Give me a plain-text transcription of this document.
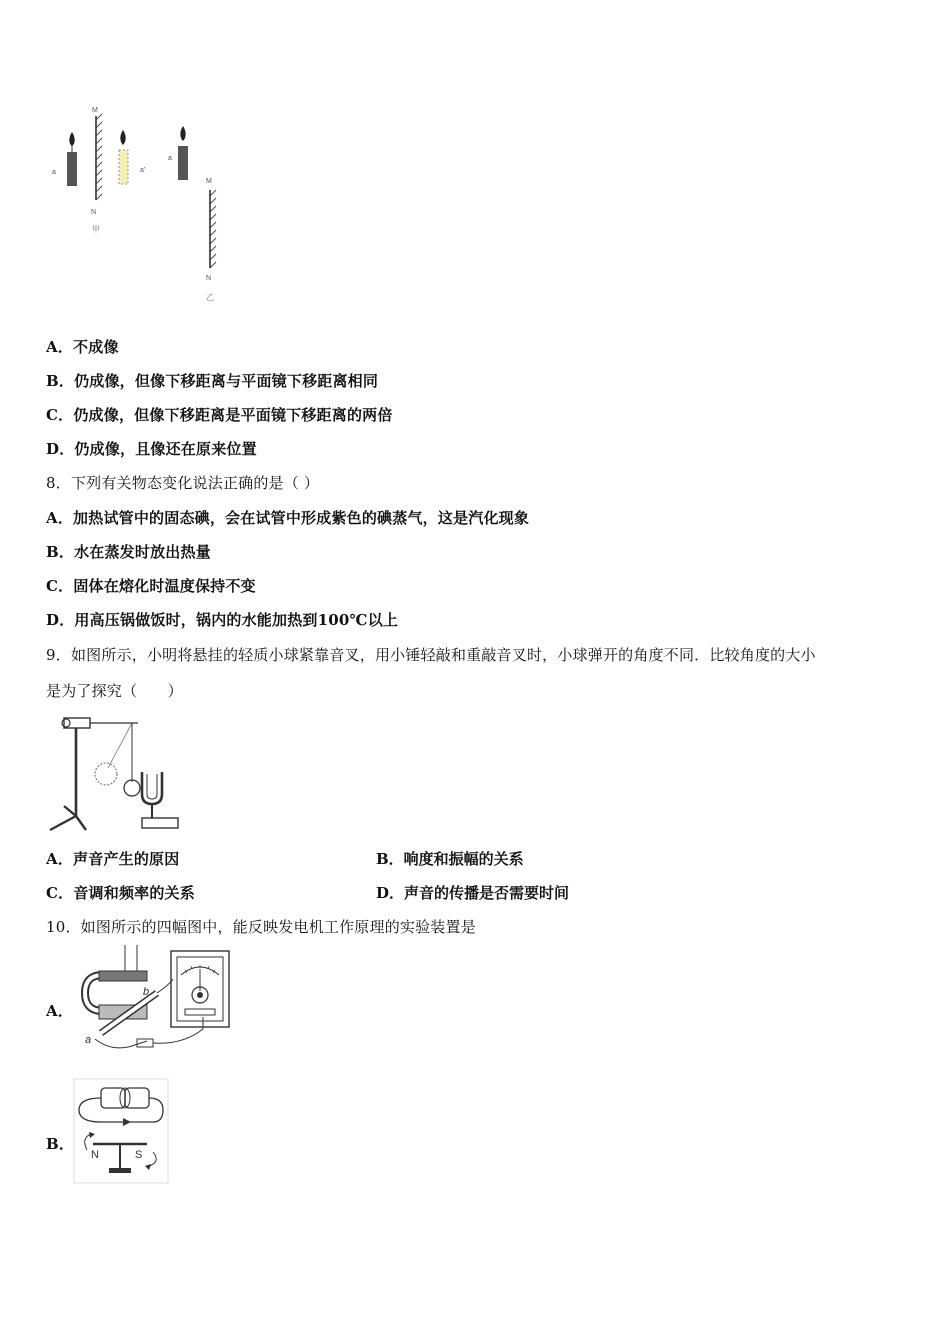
a
M
N
a'
甲
a
M
N
乙
A．不成像
B．仍成像，但像下移距离与平面镜下移距离相同
C．仍成像，但像下移距离是平面镜下移距离的两倍
D．仍成像，且像还在原来位置
8．下列有关物态变化说法正确的是（ ）
A．加热试管中的固态碘，会在试管中形成紫色的碘蒸气，这是汽化现象
B．水在蒸发时放出热量
C．固体在熔化时温度保持不变
D．用高压锅做饭时，锅内的水能加热到100℃以上
9．如图所示，小明将悬挂的轻质小球紧靠音叉，用小锤轻敲和重敲音叉时，小球弹开的角度不同．比较角度的大小
是为了探究（　　）
A．声音产生的原因	B．响度和振幅的关系
C．音调和频率的关系	D．声音的传播是否需要时间
10．如图所示的四幅图中，能反映发电机工作原理的实验装置是
A．
b
a
B．
N	S
